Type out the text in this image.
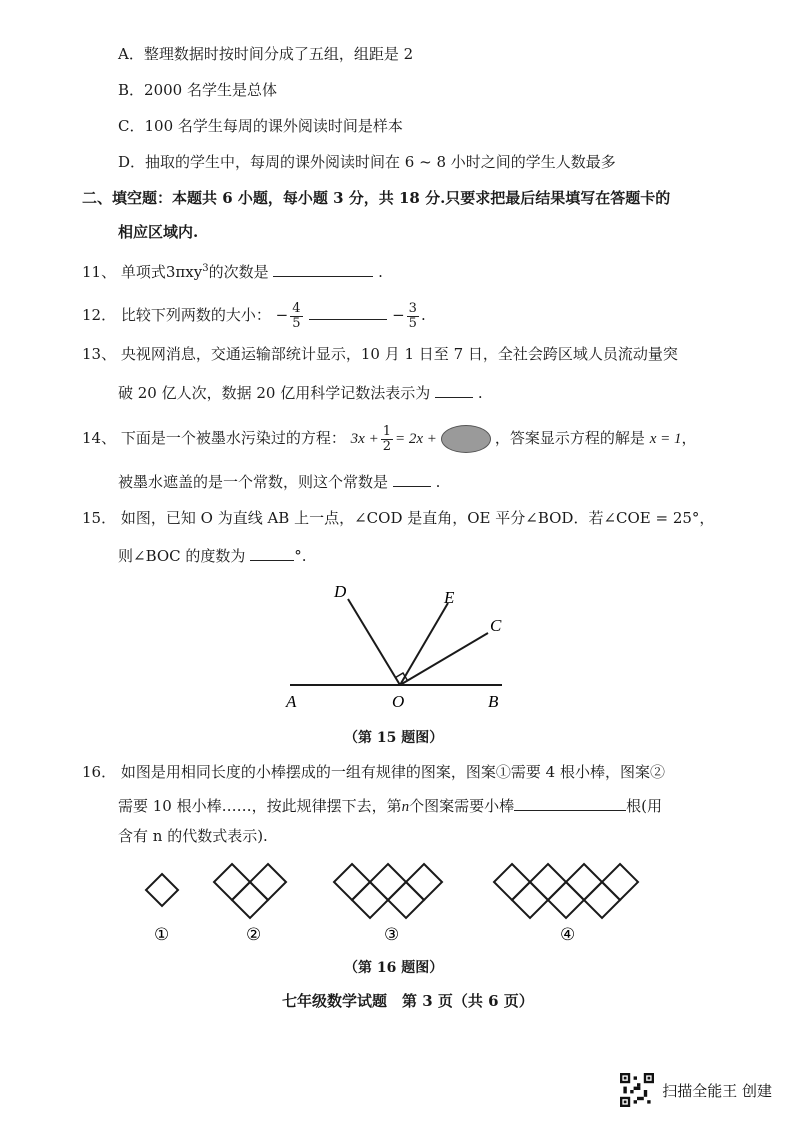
A．整理数据时按时间分成了五组，组距是 2
B．2000 名学生是总体
C．100 名学生每周的课外阅读时间是样本
D．抽取的学生中，每周的课外阅读时间在 6 ~ 8 小时之间的学生人数最多
二、填空题：本题共 6 小题，每小题 3 分，共 18 分.只要求把最后结果填写在答题卡的
相应区域内.
11、 单项式3πxy$^3$的次数是	.
12． 比较下列两数的大小： − $\frac{4}{5}$	− $\frac{3}{5}$ .
13、 央视网消息，交通运输部统计显示，10 月 1 日至 7 日，全社会跨区域人员流动量突
破 20 亿人次，数据 20 亿用科学记数法表示为	.
14、 下面是一个被墨水污染过的方程： $3x + \frac{1}{2} = 2x$ +	，答案显示方程的解是 x = 1，
被墨水遮盖的是一个常数，则这个常数是	.
15． 如图，已知 O 为直线 AB 上一点，∠COD 是直角，OE 平分∠BOD．若∠COE = 25°，
则∠BOC 的度数为	°.
D	E
C
A	O	B
（第 15 题图）
16． 如图是用相同长度的小棒摆成的一组有规律的图案，图案①需要 4 根小棒，图案②
需要 10 根小棒……，按此规律摆下去，第n个图案需要小棒	根(用
含有 n 的代数式表示).
①	②	③	④
（第 16 题图）
七年级数学试题　第 3 页（共 6 页）
扫描全能王 创建
